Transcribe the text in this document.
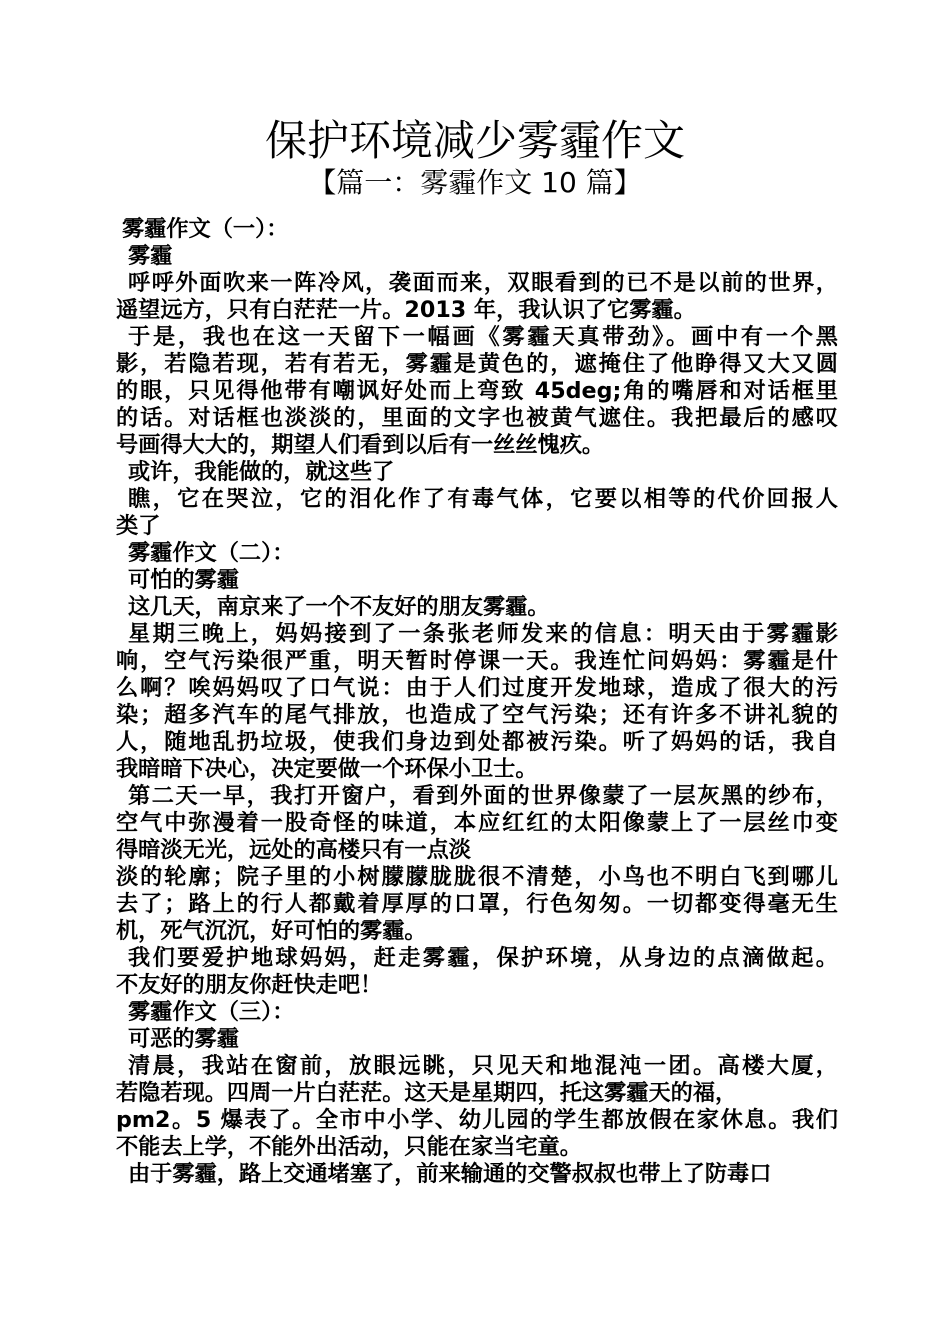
保护环境减少雾霾作文
【篇一：雾霾作文 10 篇】
雾霾作文（一）：
雾霾
呼呼外面吹来一阵冷风，袭面而来，双眼看到的已不是以前的世界，
遥望远方，只有白茫茫一片。2013 年，我认识了它雾霾。
于是，我也在这一天留下一幅画《雾霾天真带劲》。画中有一个黑
影，若隐若现，若有若无，雾霾是黄色的，遮掩住了他睁得又大又圆
的眼，只见得他带有嘲讽好处而上弯致 45deg;角的嘴唇和对话框里
的话。对话框也淡淡的，里面的文字也被黄气遮住。我把最后的感叹
号画得大大的，期望人们看到以后有一丝丝愧疚。
或许，我能做的，就这些了
瞧，它在哭泣，它的泪化作了有毒气体，它要以相等的代价回报人
类了
雾霾作文（二）：
可怕的雾霾
这几天，南京来了一个不友好的朋友雾霾。
星期三晚上，妈妈接到了一条张老师发来的信息：明天由于雾霾影
响，空气污染很严重，明天暂时停课一天。我连忙问妈妈：雾霾是什
么啊？唉妈妈叹了口气说：由于人们过度开发地球，造成了很大的污
染；超多汽车的尾气排放，也造成了空气污染；还有许多不讲礼貌的
人，随地乱扔垃圾，使我们身边到处都被污染。听了妈妈的话，我自
我暗暗下决心，决定要做一个环保小卫士。
第二天一早，我打开窗户，看到外面的世界像蒙了一层灰黑的纱布，
空气中弥漫着一股奇怪的味道，本应红红的太阳像蒙上了一层丝巾变
得暗淡无光，远处的高楼只有一点淡
淡的轮廓；院子里的小树朦朦胧胧很不清楚，小鸟也不明白飞到哪儿
去了；路上的行人都戴着厚厚的口罩，行色匆匆。一切都变得毫无生
机，死气沉沉，好可怕的雾霾。
我们要爱护地球妈妈，赶走雾霾，保护环境，从身边的点滴做起。
不友好的朋友你赶快走吧！
雾霾作文（三）：
可恶的雾霾
清晨，我站在窗前，放眼远眺，只见天和地混沌一团。高楼大厦，
若隐若现。四周一片白茫茫。这天是星期四，托这雾霾天的福，
pm2。5 爆表了。全市中小学、幼儿园的学生都放假在家休息。我们
不能去上学，不能外出活动，只能在家当宅童。
由于雾霾，路上交通堵塞了，前来输通的交警叔叔也带上了防毒口
